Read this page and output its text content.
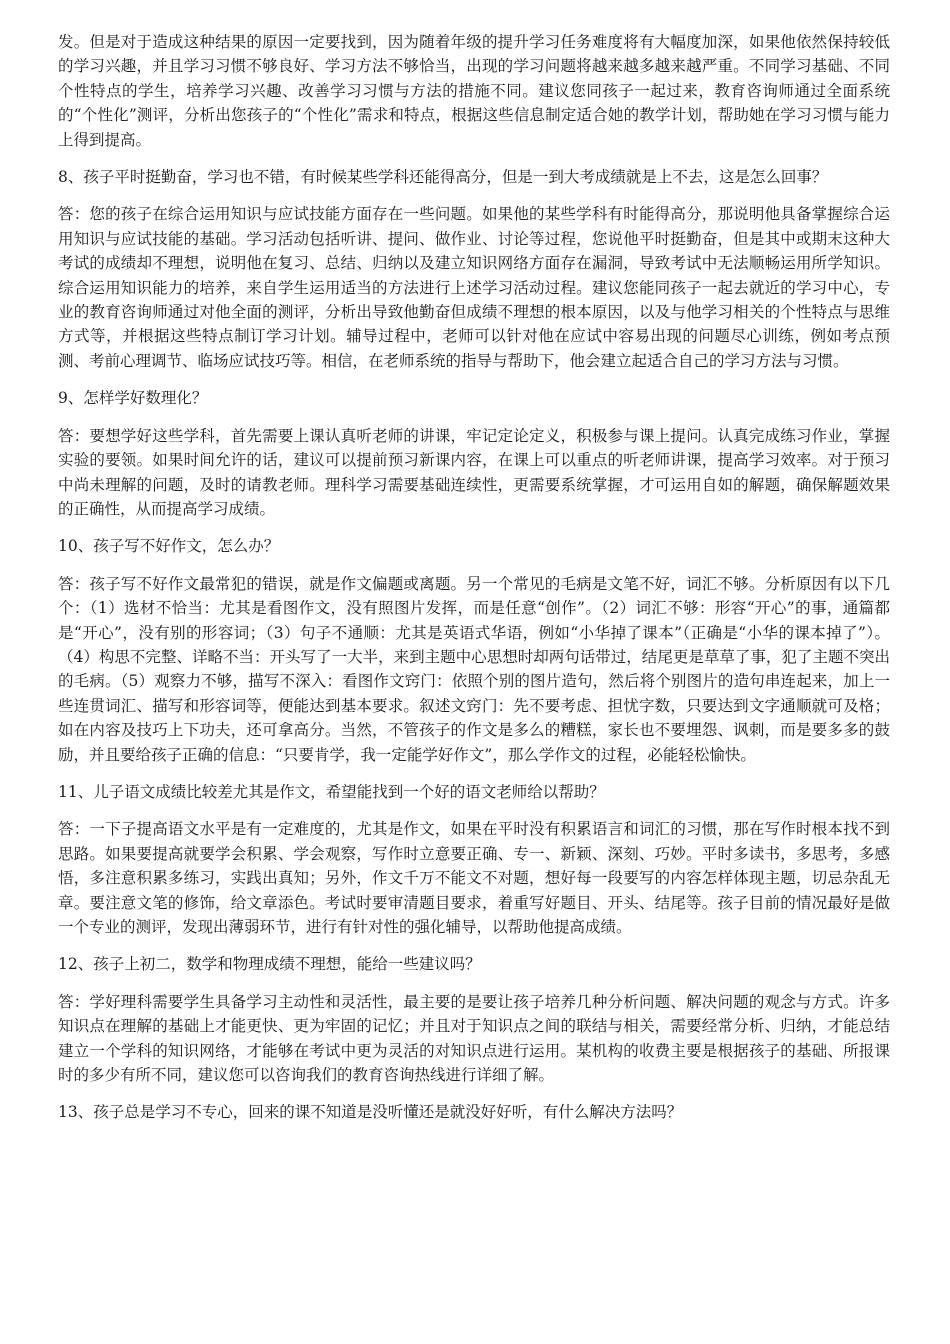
发。但是对于造成这种结果的原因一定要找到，因为随着年级的提升学习任务难度将有大幅度加深，如果他依然保持较低的学习兴趣，并且学习习惯不够良好、学习方法不够恰当，出现的学习问题将越来越多越来越严重。不同学习基础、不同个性特点的学生，培养学习兴趣、改善学习习惯与方法的措施不同。建议您同孩子一起过来，教育咨询师通过全面系统的“个性化”测评，分析出您孩子的“个性化”需求和特点，根据这些信息制定适合她的教学计划，帮助她在学习习惯与能力上得到提高。

8、孩子平时挺勤奋，学习也不错，有时候某些学科还能得高分，但是一到大考成绩就是上不去，这是怎么回事？

答：您的孩子在综合运用知识与应试技能方面存在一些问题。如果他的某些学科有时能得高分，那说明他具备掌握综合运用知识与应试技能的基础。学习活动包括听讲、提问、做作业、讨论等过程，您说他平时挺勤奋，但是其中或期末这种大考试的成绩却不理想，说明他在复习、总结、归纳以及建立知识网络方面存在漏洞，导致考试中无法顺畅运用所学知识。综合运用知识能力的培养，来自学生运用适当的方法进行上述学习活动过程。建议您能同孩子一起去就近的学习中心，专业的教育咨询师通过对他全面的测评，分析出导致他勤奋但成绩不理想的根本原因，以及与他学习相关的个性特点与思维方式等，并根据这些特点制订学习计划。辅导过程中，老师可以针对他在应试中容易出现的问题尽心训练，例如考点预测、考前心理调节、临场应试技巧等。相信，在老师系统的指导与帮助下，他会建立起适合自己的学习方法与习惯。

9、怎样学好数理化？

答：要想学好这些学科，首先需要上课认真听老师的讲课，牢记定论定义，积极参与课上提问。认真完成练习作业，掌握实验的要领。如果时间允许的话，建议可以提前预习新课内容，在课上可以重点的听老师讲课，提高学习效率。对于预习中尚未理解的问题，及时的请教老师。理科学习需要基础连续性，更需要系统掌握，才可运用自如的解题，确保解题效果的正确性，从而提高学习成绩。

10、孩子写不好作文，怎么办？

答：孩子写不好作文最常犯的错误，就是作文偏题或离题。另一个常见的毛病是文笔不好，词汇不够。分析原因有以下几个：（1）选材不恰当：尤其是看图作文，没有照图片发挥，而是任意“创作”。（2）词汇不够：形容“开心”的事，通篇都是“开心”，没有别的形容词；（3）句子不通顺：尤其是英语式华语，例如“小华掉了课本”（正确是“小华的课本掉了”）。（4）构思不完整、详略不当：开头写了一大半，来到主题中心思想时却两句话带过，结尾更是草草了事，犯了主题不突出的毛病。（5）观察力不够，描写不深入：看图作文窍门：依照个别的图片造句，然后将个别图片的造句串连起来，加上一些连贯词汇、描写和形容词等，便能达到基本要求。叙述文窍门：先不要考虑、担忧字数，只要达到文字通顺就可及格；如在内容及技巧上下功夫，还可拿高分。当然，不管孩子的作文是多么的糟糕，家长也不要埋怨、讽刺，而是要多多的鼓励，并且要给孩子正确的信息：“只要肯学，我一定能学好作文”，那么学作文的过程，必能轻松愉快。

11、儿子语文成绩比较差尤其是作文，希望能找到一个好的语文老师给以帮助？

答：一下子提高语文水平是有一定难度的，尤其是作文，如果在平时没有积累语言和词汇的习惯，那在写作时根本找不到思路。如果要提高就要学会积累、学会观察，写作时立意要正确、专一、新颖、深刻、巧妙。平时多读书，多思考，多感悟，多注意积累多练习，实践出真知；另外，作文千万不能文不对题，想好每一段要写的内容怎样体现主题，切忌杂乱无章。要注意文笔的修饰，给文章添色。考试时要审清题目要求，着重写好题目、开头、结尾等。孩子目前的情况最好是做一个专业的测评，发现出薄弱环节，进行有针对性的强化辅导，以帮助他提高成绩。

12、孩子上初二，数学和物理成绩不理想，能给一些建议吗？

答：学好理科需要学生具备学习主动性和灵活性，最主要的是要让孩子培养几种分析问题、解决问题的观念与方式。许多知识点在理解的基础上才能更快、更为牢固的记忆；并且对于知识点之间的联结与相关，需要经常分析、归纳，才能总结建立一个学科的知识网络，才能够在考试中更为灵活的对知识点进行运用。某机构的收费主要是根据孩子的基础、所报课时的多少有所不同，建议您可以咨询我们的教育咨询热线进行详细了解。

13、孩子总是学习不专心，回来的课不知道是没听懂还是就没好好听，有什么解决方法吗？
